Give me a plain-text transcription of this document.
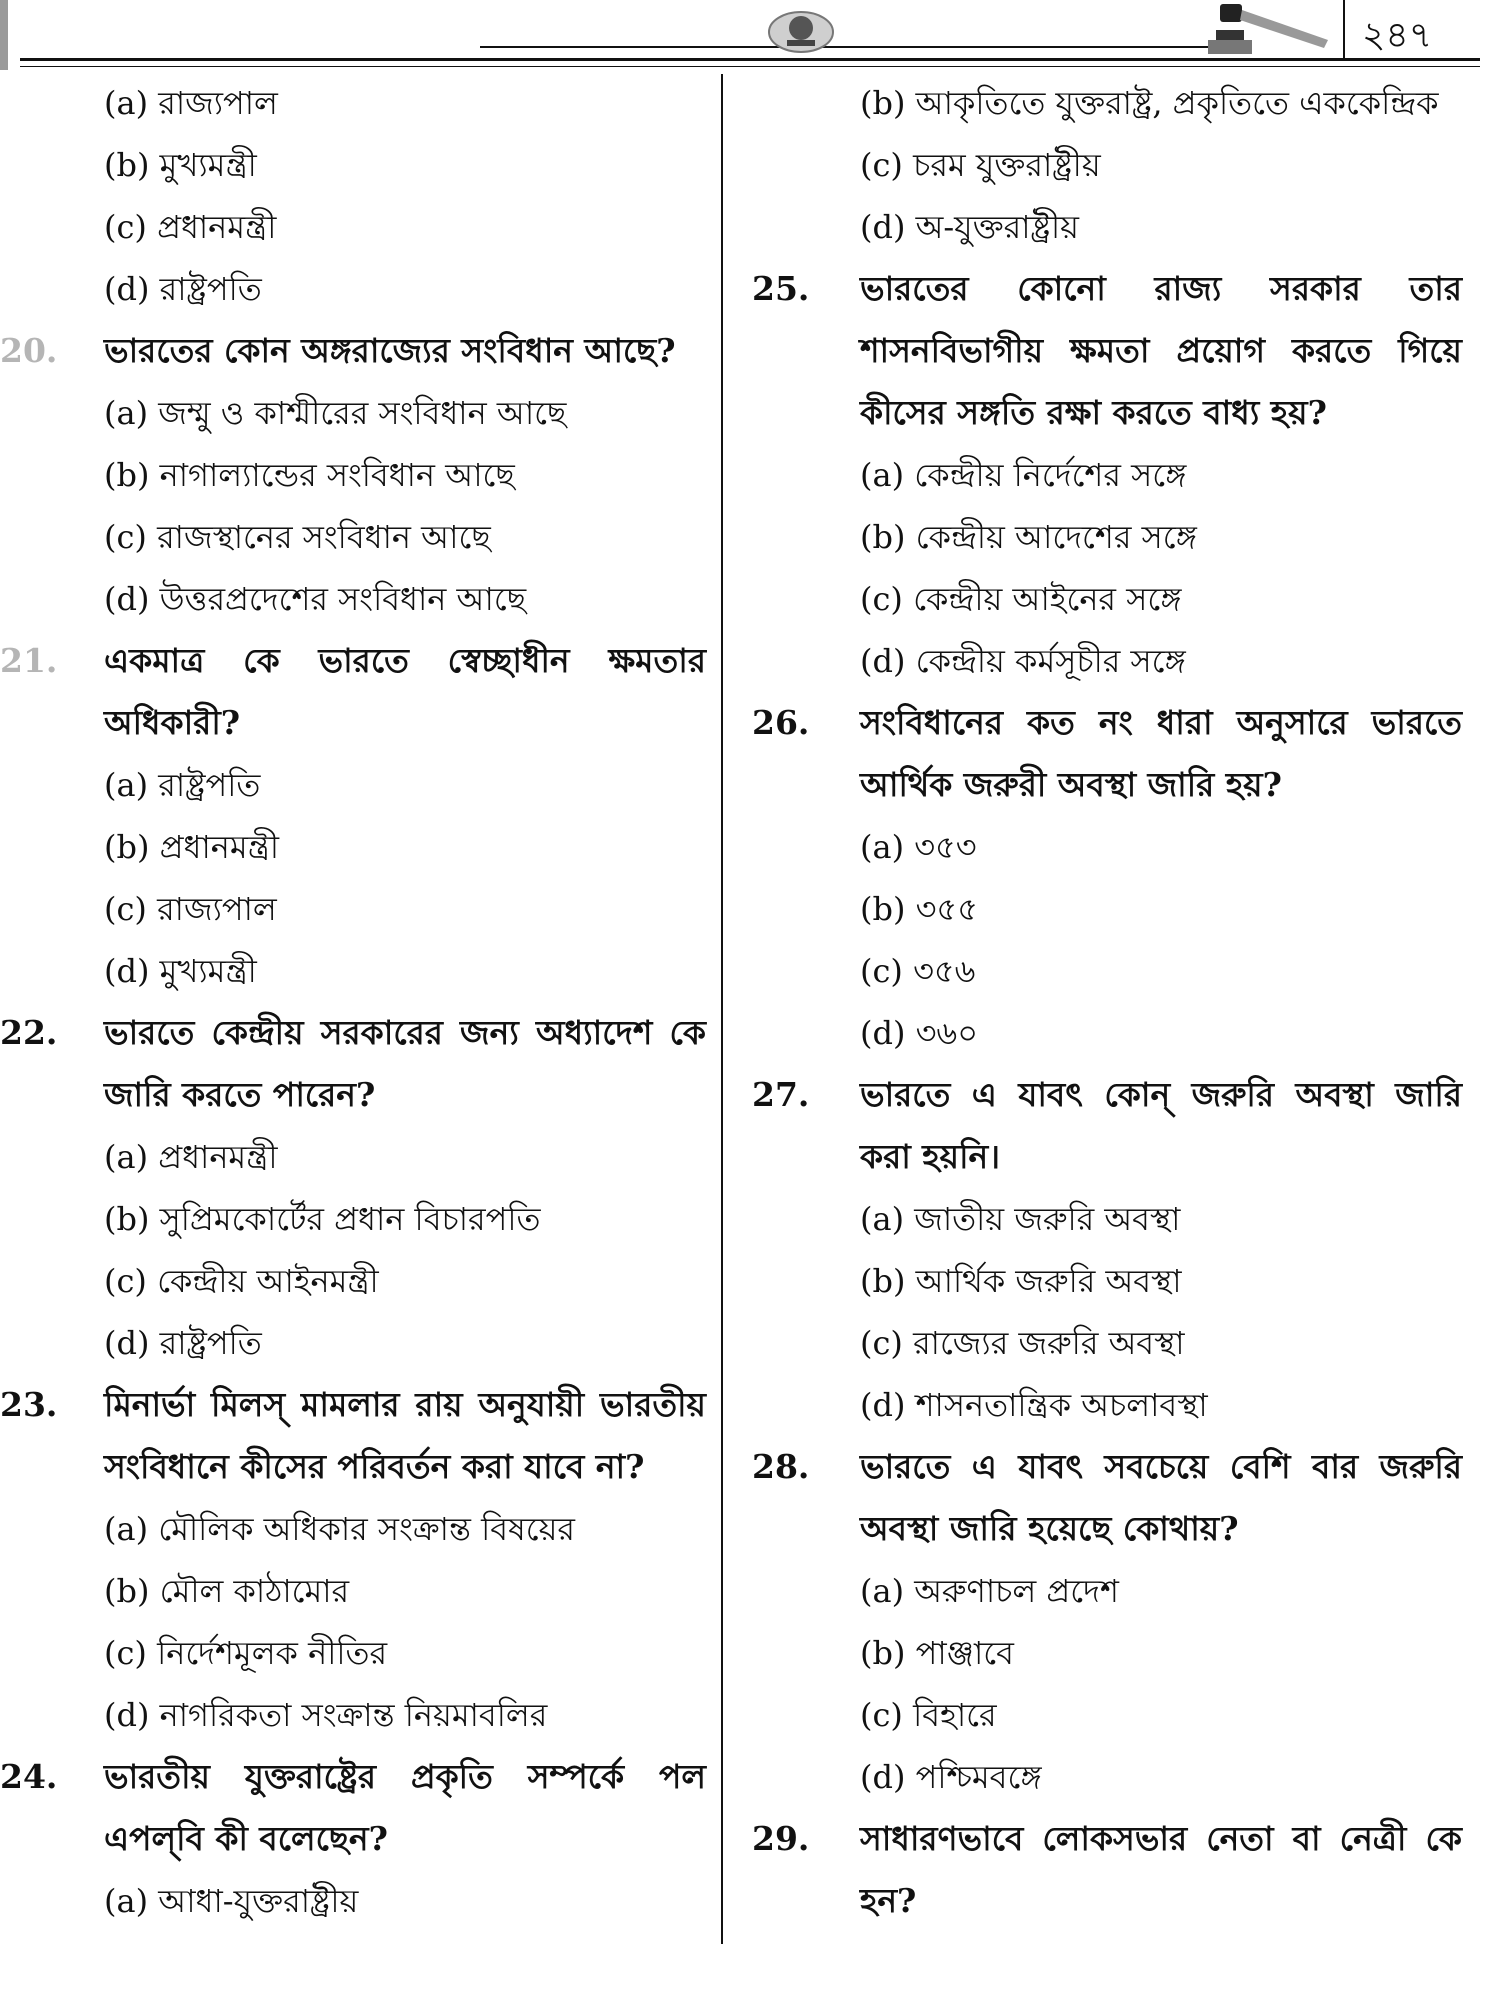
২৪৭
(a) রাজ্যপাল
(b) মুখ্যমন্ত্রী
(c) প্রধানমন্ত্রী
(d) রাষ্ট্রপতি
20.	ভারতের কোন অঙ্গরাজ্যের সংবিধান আছে?
(a) জম্মু ও কাশ্মীরের সংবিধান আছে
(b) নাগাল্যান্ডের সংবিধান আছে
(c) রাজস্থানের সংবিধান আছে
(d) উত্তরপ্রদেশের সংবিধান আছে
21.	একমাত্র কে ভারতে স্বেচ্ছাধীন ক্ষমতার অধিকারী?
(a) রাষ্ট্রপতি
(b) প্রধানমন্ত্রী
(c) রাজ্যপাল
(d) মুখ্যমন্ত্রী
22.	ভারতে কেন্দ্রীয় সরকারের জন্য অধ্যাদেশ কে জারি করতে পারেন?
(a) প্রধানমন্ত্রী
(b) সুপ্রিমকোর্টের প্রধান বিচারপতি
(c) কেন্দ্রীয় আইনমন্ত্রী
(d) রাষ্ট্রপতি
23.	মিনার্ভা মিলস্ মামলার রায় অনুযায়ী ভারতীয় সংবিধানে কীসের পরিবর্তন করা যাবে না?
(a) মৌলিক অধিকার সংক্রান্ত বিষয়ের
(b) মৌল কাঠামোর
(c) নির্দেশমূলক নীতির
(d) নাগরিকতা সংক্রান্ত নিয়মাবলির
24.	ভারতীয় যুক্তরাষ্ট্রের প্রকৃতি সম্পর্কে পল এপল্‌বি কী বলেছেন?
(a) আধা-যুক্তরাষ্ট্রীয়
(b) আকৃতিতে যুক্তরাষ্ট্র, প্রকৃতিতে এককেন্দ্রিক
(c) চরম যুক্তরাষ্ট্রীয়
(d) অ-যুক্তরাষ্ট্রীয়
25.	ভারতের কোনো রাজ্য সরকার তার শাসনবিভাগীয় ক্ষমতা প্রয়োগ করতে গিয়ে কীসের সঙ্গতি রক্ষা করতে বাধ্য হয়?
(a) কেন্দ্রীয় নির্দেশের সঙ্গে
(b) কেন্দ্রীয় আদেশের সঙ্গে
(c) কেন্দ্রীয় আইনের সঙ্গে
(d) কেন্দ্রীয় কর্মসূচীর সঙ্গে
26.	সংবিধানের কত নং ধারা অনুসারে ভারতে আর্থিক জরুরী অবস্থা জারি হয়?
(a) ৩৫৩
(b) ৩৫৫
(c) ৩৫৬
(d) ৩৬০
27.	ভারতে এ যাবৎ কোন্ জরুরি অবস্থা জারি করা হয়নি।
(a) জাতীয় জরুরি অবস্থা
(b) আর্থিক জরুরি অবস্থা
(c) রাজ্যের জরুরি অবস্থা
(d) শাসনতান্ত্রিক অচলাবস্থা
28.	ভারতে এ যাবৎ সবচেয়ে বেশি বার জরুরি অবস্থা জারি হয়েছে কোথায়?
(a) অরুণাচল প্রদেশ
(b) পাঞ্জাবে
(c) বিহারে
(d) পশ্চিমবঙ্গে
29.	সাধারণভাবে লোকসভার নেতা বা নেত্রী কে হন?
